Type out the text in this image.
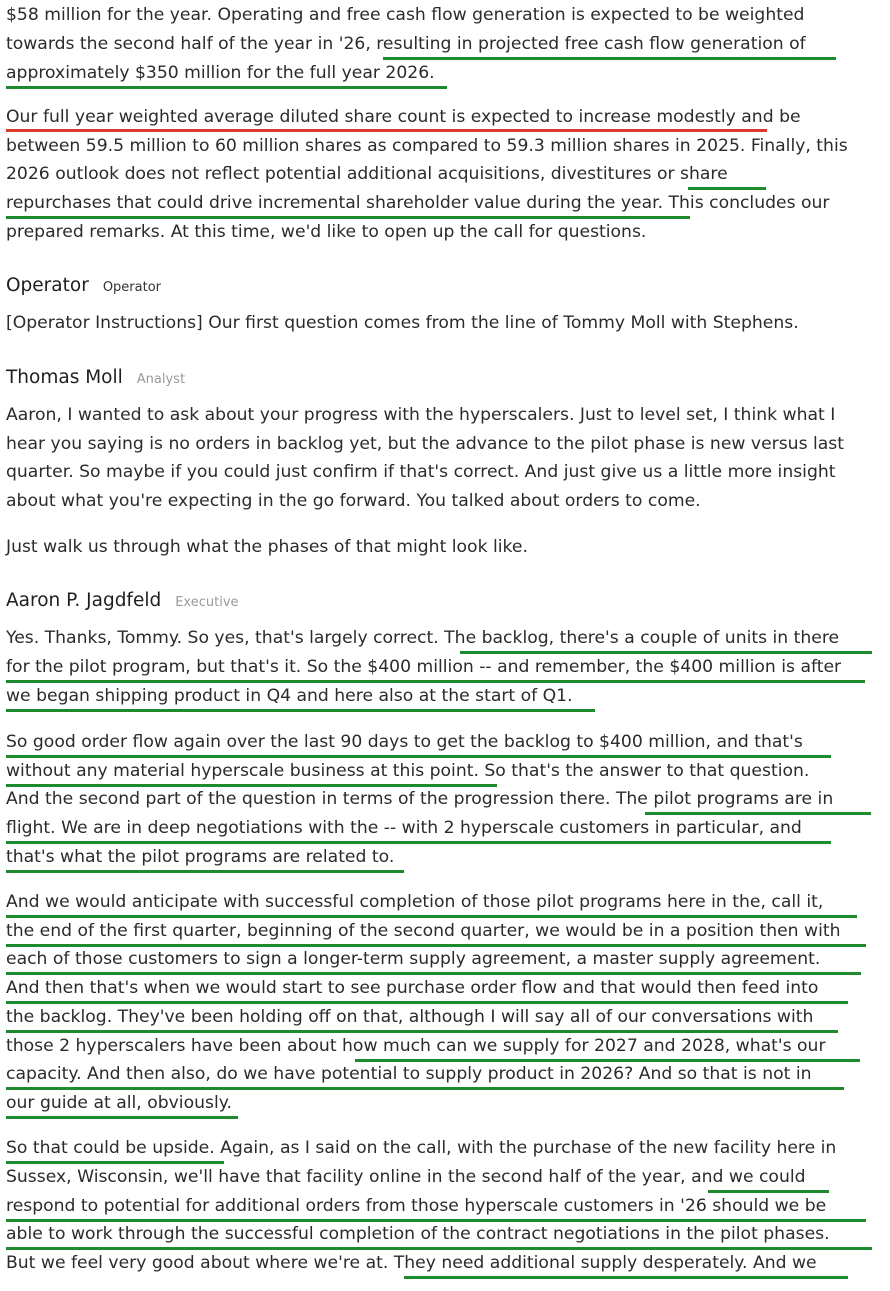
$58 million for the year. Operating and free cash flow generation is expected to be weighted
towards the second half of the year in '26, resulting in projected free cash flow generation of
approximately $350 million for the full year 2026.
Our full year weighted average diluted share count is expected to increase modestly and be
between 59.5 million to 60 million shares as compared to 59.3 million shares in 2025. Finally, this
2026 outlook does not reflect potential additional acquisitions, divestitures or share
repurchases that could drive incremental shareholder value during the year. This concludes our
prepared remarks. At this time, we'd like to open up the call for questions.
Operator Operator
[Operator Instructions] Our first question comes from the line of Tommy Moll with Stephens.
Thomas Moll Analyst
Aaron, I wanted to ask about your progress with the hyperscalers. Just to level set, I think what I
hear you saying is no orders in backlog yet, but the advance to the pilot phase is new versus last
quarter. So maybe if you could just confirm if that's correct. And just give us a little more insight
about what you're expecting in the go forward. You talked about orders to come.
Just walk us through what the phases of that might look like.
Aaron P. Jagdfeld Executive
Yes. Thanks, Tommy. So yes, that's largely correct. The backlog, there's a couple of units in there
for the pilot program, but that's it. So the $400 million -- and remember, the $400 million is after
we began shipping product in Q4 and here also at the start of Q1.
So good order flow again over the last 90 days to get the backlog to $400 million, and that's
without any material hyperscale business at this point. So that's the answer to that question.
And the second part of the question in terms of the progression there. The pilot programs are in
flight. We are in deep negotiations with the -- with 2 hyperscale customers in particular, and
that's what the pilot programs are related to.
And we would anticipate with successful completion of those pilot programs here in the, call it,
the end of the first quarter, beginning of the second quarter, we would be in a position then with
each of those customers to sign a longer-term supply agreement, a master supply agreement.
And then that's when we would start to see purchase order flow and that would then feed into
the backlog. They've been holding off on that, although I will say all of our conversations with
those 2 hyperscalers have been about how much can we supply for 2027 and 2028, what's our
capacity. And then also, do we have potential to supply product in 2026? And so that is not in
our guide at all, obviously.
So that could be upside. Again, as I said on the call, with the purchase of the new facility here in
Sussex, Wisconsin, we'll have that facility online in the second half of the year, and we could
respond to potential for additional orders from those hyperscale customers in '26 should we be
able to work through the successful completion of the contract negotiations in the pilot phases.
But we feel very good about where we're at. They need additional supply desperately. And we
